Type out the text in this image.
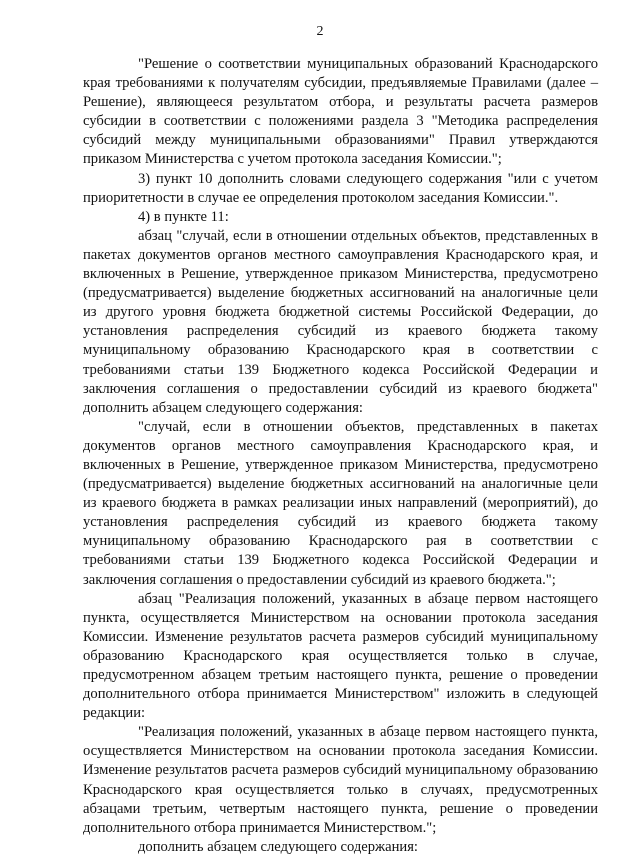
2

"Решение о соответствии муниципальных образований Краснодарского края требованиями к получателям субсидии, предъявляемые Правилами (далее – Решение), являющееся результатом отбора, и результаты расчета размеров субсидии в соответствии с положениями раздела 3 "Методика распределения субсидий между муниципальными образованиями" Правил утверждаются приказом Министерства с учетом протокола заседания Комиссии.";

3) пункт 10 дополнить словами следующего содержания "или с учетом приоритетности в случае ее определения протоколом заседания Комиссии.".

4) в пункте 11:

абзац "случай, если в отношении отдельных объектов, представленных в пакетах документов органов местного самоуправления Краснодарского края, и включенных в Решение, утвержденное приказом Министерства, предусмотрено (предусматривается) выделение бюджетных ассигнований на аналогичные цели из другого уровня бюджета бюджетной системы Российской Федерации, до установления распределения субсидий из краевого бюджета такому муниципальному образованию Краснодарского края в соответствии с требованиями статьи 139 Бюджетного кодекса Российской Федерации и заключения соглашения о предоставлении субсидий из краевого бюджета" дополнить абзацем следующего содержания:

"случай, если в отношении объектов, представленных в пакетах документов органов местного самоуправления Краснодарского края, и включенных в Решение, утвержденное приказом Министерства, предусмотрено (предусматривается) выделение бюджетных ассигнований на аналогичные цели из краевого бюджета в рамках реализации иных направлений (мероприятий), до установления распределения субсидий из краевого бюджета такому муниципальному образованию Краснодарского рая в соответствии с требованиями статьи 139 Бюджетного кодекса Российской Федерации и заключения соглашения о предоставлении субсидий из краевого бюджета.";

абзац "Реализация положений, указанных в абзаце первом настоящего пункта, осуществляется Министерством на основании протокола заседания Комиссии. Изменение результатов расчета размеров субсидий муниципальному образованию Краснодарского края осуществляется только в случае, предусмотренном абзацем третьим настоящего пункта, решение о проведении дополнительного отбора принимается Министерством" изложить в следующей редакции:

"Реализация положений, указанных в абзаце первом настоящего пункта, осуществляется Министерством на основании протокола заседания Комиссии. Изменение результатов расчета размеров субсидий муниципальному образованию Краснодарского края осуществляется только в случаях, предусмотренных абзацами третьим, четвертым настоящего пункта, решение о проведении дополнительного отбора принимается Министерством.";

дополнить абзацем следующего содержания:
